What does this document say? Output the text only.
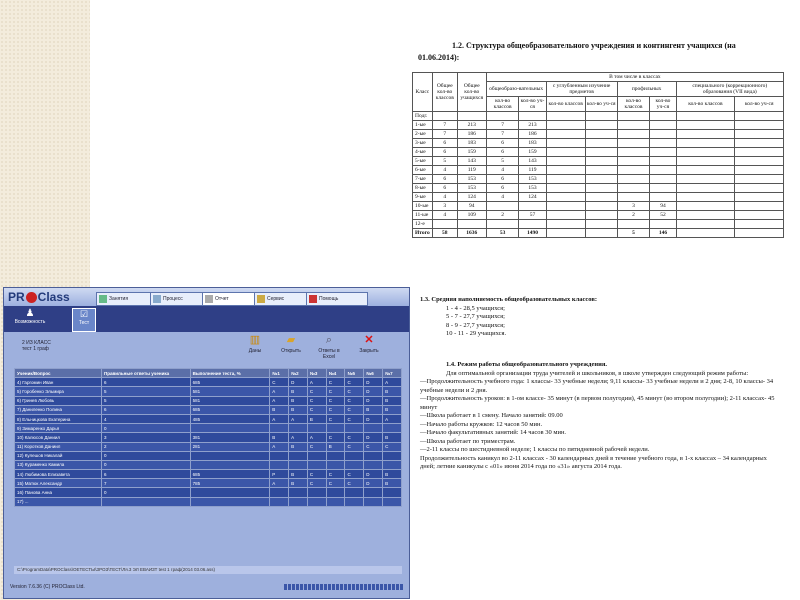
1.2. Структура общеобразовательного учреждения и контингент учащихся (на
01.06.2014):
Класс	Общее кол-во классов	Общее кол-во учащихся	В том числе в классах							
			общеобразо-вательных		с углубленным изучение предметов		профильных		специального (коррекционного) образования (VII вида)	
			кол-во классов	кол-во уч-ся	кол-во классов	кол-во уч-ся	кол-во классов	кол-во уч-ся	кол-во классов	кол-во уч-ся
Подг.										
1-ые	7	213	7	213						
2-ые	7	186	7	186						
3-ые	6	183	6	183						
4-ые	6	159	6	159						
5-ые	5	143	5	143						
6-ые	4	119	4	119						
7-ые	6	153	6	153						
8-ые	6	153	6	153						
9-ые	4	124	4	124						
10-ые	3	94					3	94		
11-ые	4	109	2	57			2	52		
12-е										
Итого	58	1636	53	1490			5	146		
1.3. Средняя наполняемость общеобразовательных классов:
1 - 4 - 28,5 учащихся;
5 - 7 - 27,7 учащихся;
8 - 9 - 27,7 учащихся;
10 - 11 - 29 учащихся.
1.4. Режим работы общеобразовательного учреждения.
Для оптимальной организации труда учителей и школьников, в школе утвержден следующий режим работы:
—Продолжительность учебного года: 1 классы- 33 учебные недели; 9,11 классы- 33 учебные недели и 2 дня; 2-8, 10 классы- 34 учебные недели и 2 дня.
—Продолжительность уроков: в 1-ом классе- 35 минут (в первом полугодии), 45 минут (во втором полугодии); 2-11 классах- 45 минут
—Школа работает в 1 смену. Начало занятий: 09.00
—Начало работы кружков: 12 часов 50 мин.
—Начало факультативных занятий: 14 часов 30 мин.
—Школа работает по триместрам.
—2-11 классы по шестидневной неделе; 1 классы по пятидневной рабочей недели.
Продолжительность каникул во 2-11 классах - 30 календарных дней в течение учебного года, в 1-х классах – 34 календарных дней; летние каникулы с «01» июня 2014 года по «31» августа 2014 года.
PR Class	Занятия	Процесс	Отчет	Сервис	Помощь
♟
Возможность
☑
Тест
2 ИЗ КЛАСС
тест 1 граф
▥
Даны
▰
Открыть
⌕
Ответы в Excel
✕
Закрыть
Ученик/Вопрос	Правильные ответы ученика	Выполнение теста, %	№1	№2	№3	№4	№5	№6	№7
4) Гаргомин Иван	6	685	C	D	A	C	C	D	A
5) Горобенко Эльмира	5	581	A	B	C	C	C	D	B
6) Гринев Любовь	5	581	A	B	C	C	C	D	B
7) Даниленко Полина	6	685	B	B	C	C	C	B	B
8) Ельницкова Екатерина	4	485	A	A	B	C	C	D	A
9) Зимаренко Дарья	0								
10) Калюсов Даниил	3	381	B	A	A	C	C	D	B
11) Коротков Даниил	2	281	A	B	C	B	C	C	C
12) Кулешов Никалай	0								
13) Кураменко Камила	0								
14) Любимова Елизавета	6	685	P	B	C	C	C	D	B
15) Матюк Александр	7	785	A	B	C	C	C	D	B
16) Панова Анна	0								
17) ...									
C:\ProgramData\PROClass\ОЕТЕСТЫ\ЗРОЗ\ТЕСТ\Ля.3 ЭЛ ЕВАИЗТ test 1 граф(2014 03.06.ass)
Version 7.6.36 (C) PROClass Ltd.
